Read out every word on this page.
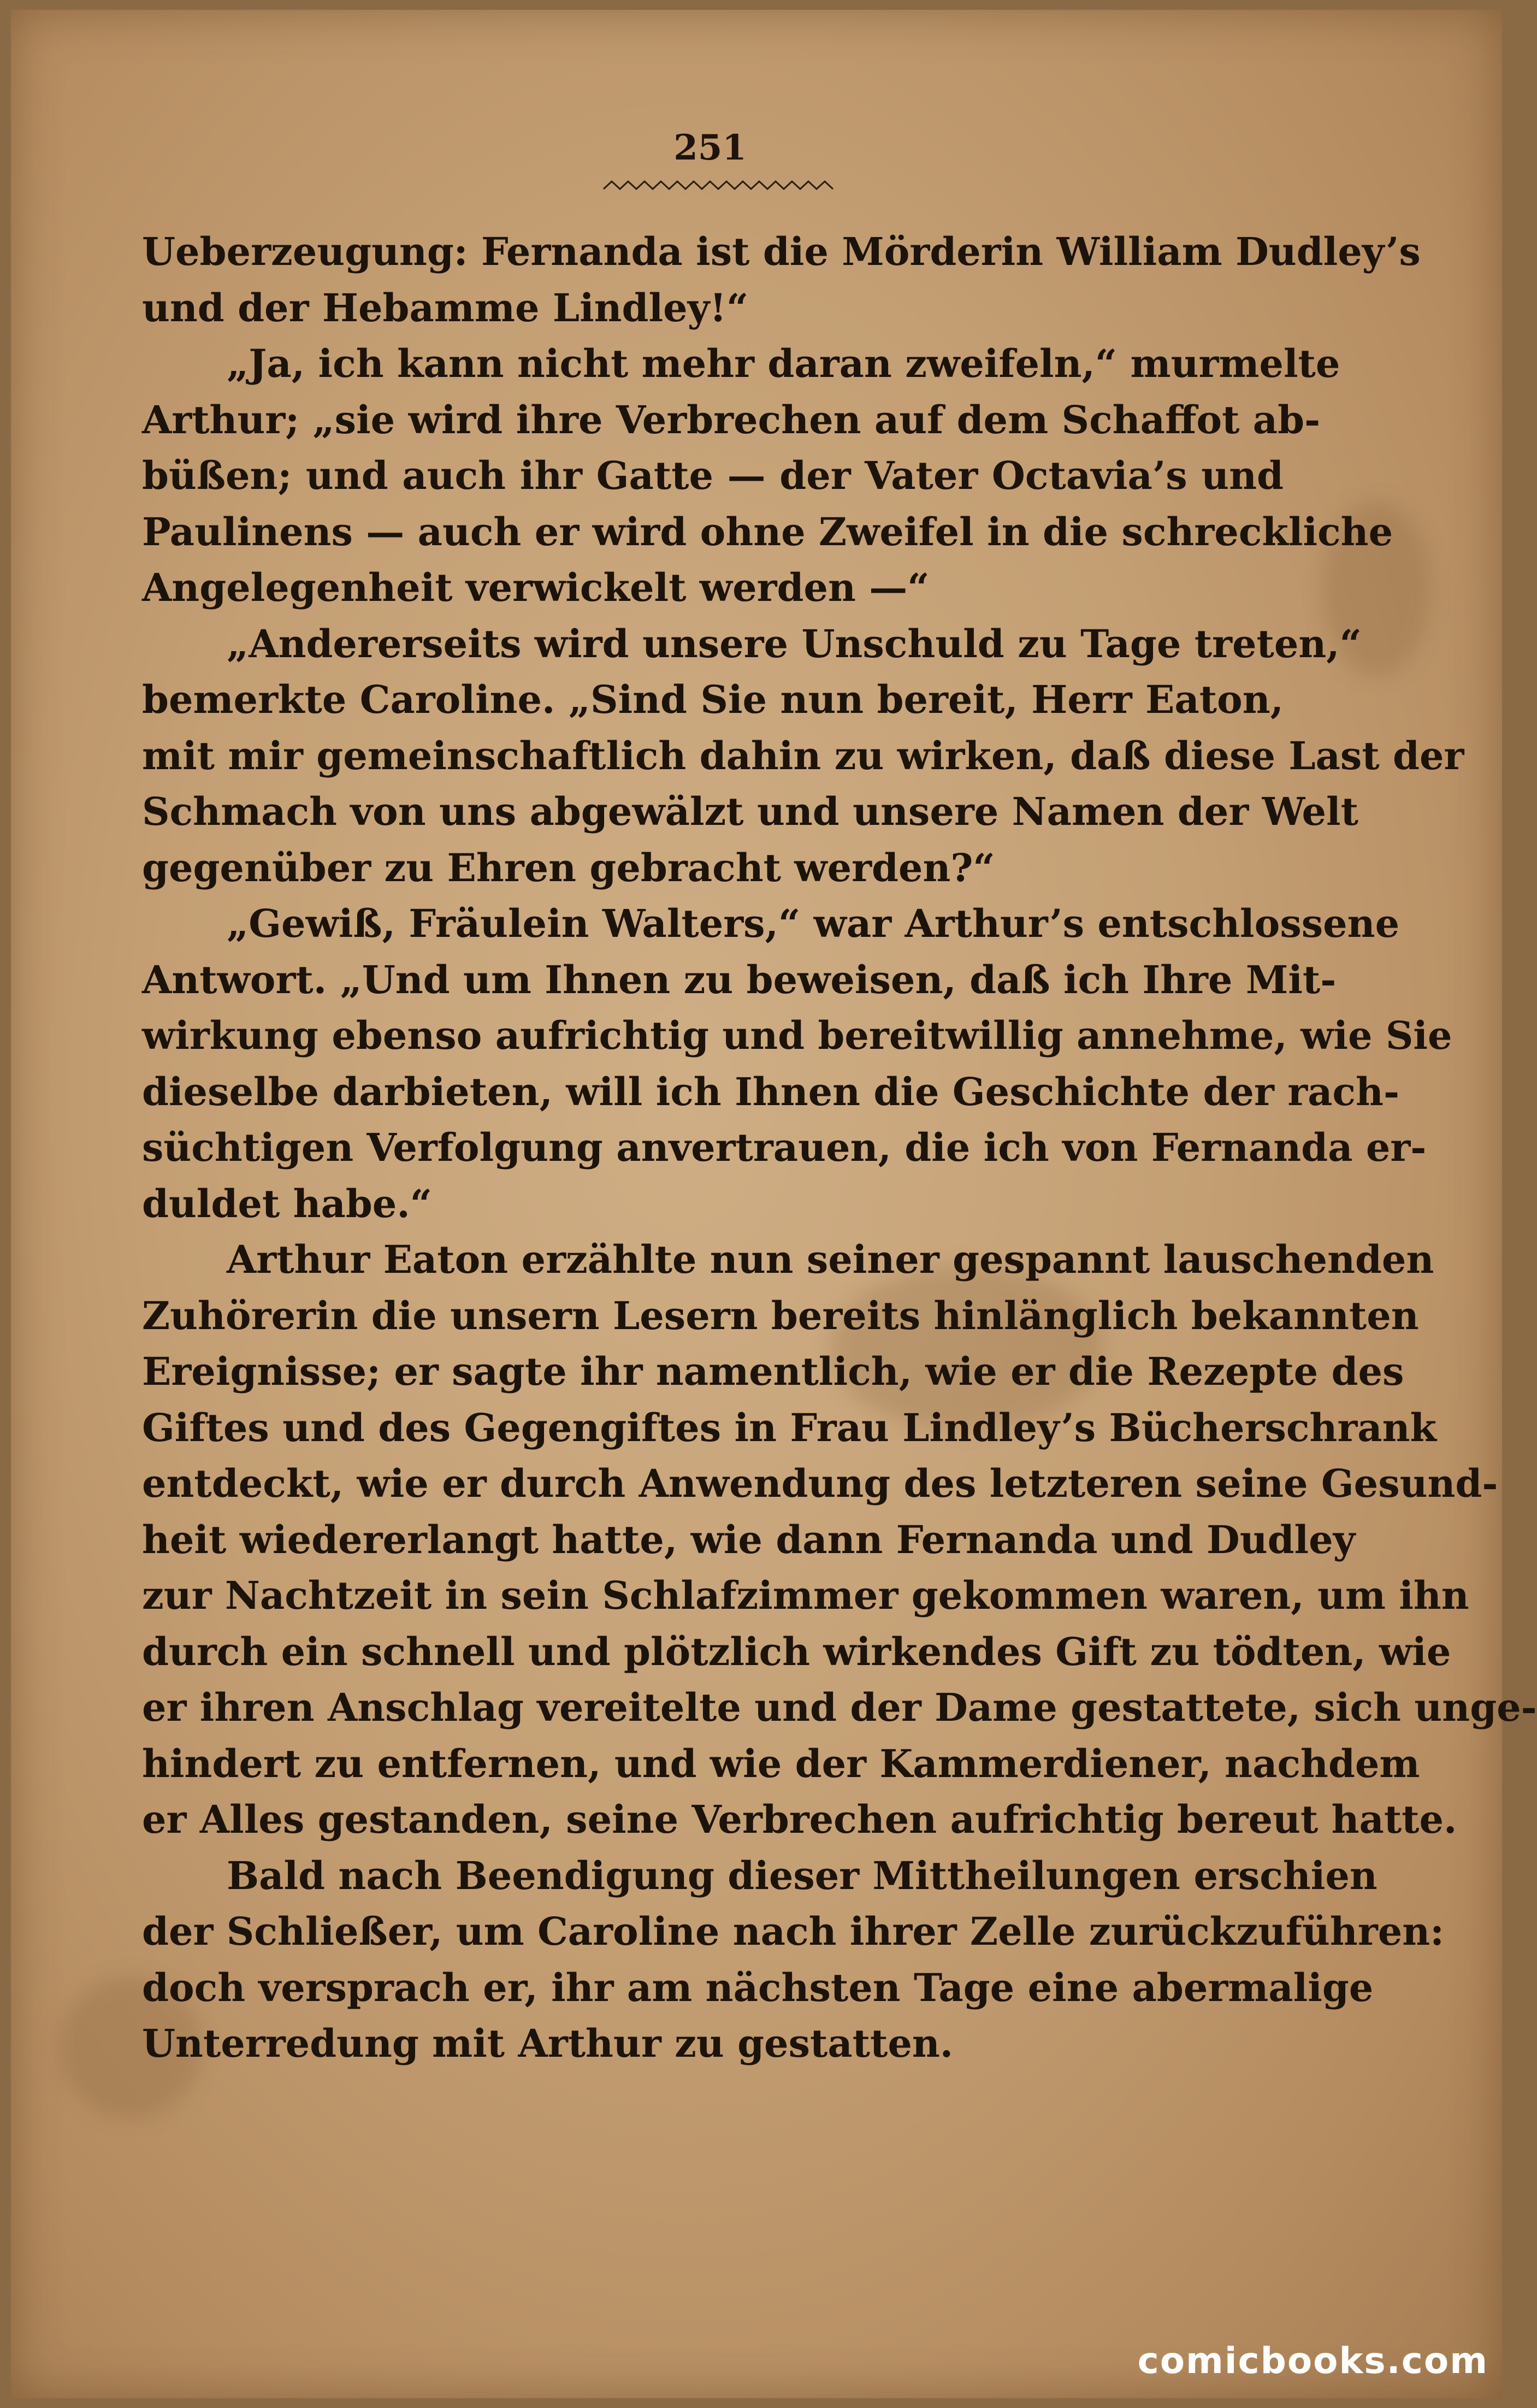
251
Ueberzeugung: Fernanda ist die Mörderin William Dudley’s
und der Hebamme Lindley!“
„Ja, ich kann nicht mehr daran zweifeln,“ murmelte
Arthur; „sie wird ihre Verbrechen auf dem Schaffot ab-
büßen; und auch ihr Gatte — der Vater Octavia’s und
Paulinens — auch er wird ohne Zweifel in die schreckliche
Angelegenheit verwickelt werden —“
„Andererseits wird unsere Unschuld zu Tage treten,“
bemerkte Caroline. „Sind Sie nun bereit, Herr Eaton,
mit mir gemeinschaftlich dahin zu wirken, daß diese Last der
Schmach von uns abgewälzt und unsere Namen der Welt
gegenüber zu Ehren gebracht werden?“
„Gewiß, Fräulein Walters,“ war Arthur’s entschlossene
Antwort. „Und um Ihnen zu beweisen, daß ich Ihre Mit-
wirkung ebenso aufrichtig und bereitwillig annehme, wie Sie
dieselbe darbieten, will ich Ihnen die Geschichte der rach-
süchtigen Verfolgung anvertrauen, die ich von Fernanda er-
duldet habe.“
Arthur Eaton erzählte nun seiner gespannt lauschenden
Zuhörerin die unsern Lesern bereits hinlänglich bekannten
Ereignisse; er sagte ihr namentlich, wie er die Rezepte des
Giftes und des Gegengiftes in Frau Lindley’s Bücherschrank
entdeckt, wie er durch Anwendung des letzteren seine Gesund-
heit wiedererlangt hatte, wie dann Fernanda und Dudley
zur Nachtzeit in sein Schlafzimmer gekommen waren, um ihn
durch ein schnell und plötzlich wirkendes Gift zu tödten, wie
er ihren Anschlag vereitelte und der Dame gestattete, sich unge-
hindert zu entfernen, und wie der Kammerdiener, nachdem
er Alles gestanden, seine Verbrechen aufrichtig bereut hatte.
Bald nach Beendigung dieser Mittheilungen erschien
der Schließer, um Caroline nach ihrer Zelle zurückzuführen:
doch versprach er, ihr am nächsten Tage eine abermalige
Unterredung mit Arthur zu gestatten.
comicbooks.com
